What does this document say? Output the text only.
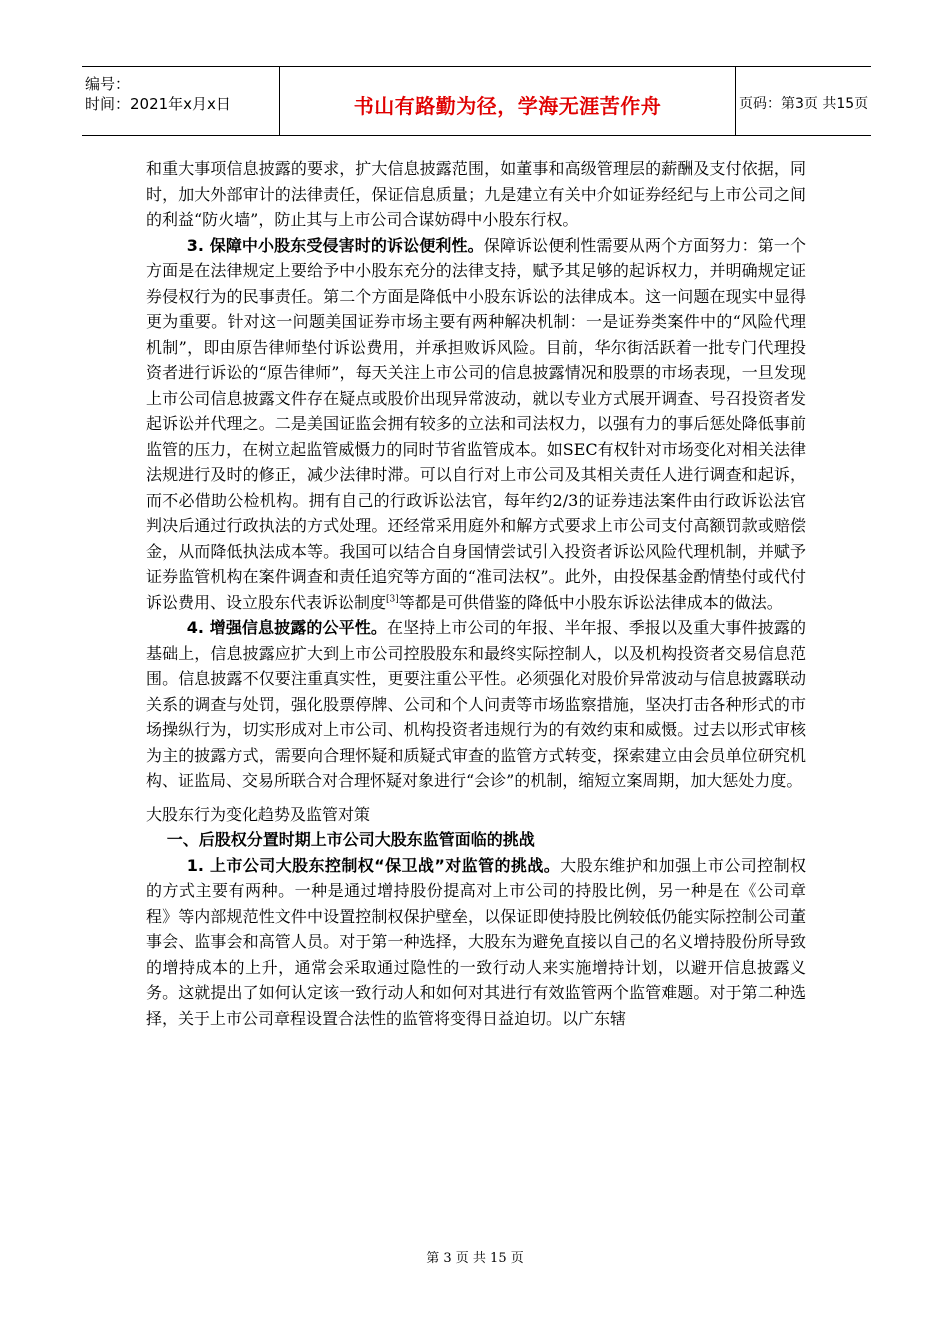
编号：
时间：2021年x月x日	书山有路勤为径，学海无涯苦作舟	页码：第3页 共15页

和重大事项信息披露的要求，扩大信息披露范围，如董事和高级管理层的薪酬及支付依据，同时，加大外部审计的法律责任，保证信息质量；九是建立有关中介如证券经纪与上市公司之间的利益“防火墙”，防止其与上市公司合谋妨碍中小股东行权。

3. 保障中小股东受侵害时的诉讼便利性。保障诉讼便利性需要从两个方面努力：第一个方面是在法律规定上要给予中小股东充分的法律支持，赋予其足够的起诉权力，并明确规定证券侵权行为的民事责任。第二个方面是降低中小股东诉讼的法律成本。这一问题在现实中显得更为重要。针对这一问题美国证券市场主要有两种解决机制：一是证券类案件中的“风险代理机制”，即由原告律师垫付诉讼费用，并承担败诉风险。目前，华尔街活跃着一批专门代理投资者进行诉讼的“原告律师”，每天关注上市公司的信息披露情况和股票的市场表现，一旦发现上市公司信息披露文件存在疑点或股价出现异常波动，就以专业方式展开调查、号召投资者发起诉讼并代理之。二是美国证监会拥有较多的立法和司法权力，以强有力的事后惩处降低事前监管的压力，在树立起监管威慑力的同时节省监管成本。如SEC有权针对市场变化对相关法律法规进行及时的修正，减少法律时滞。可以自行对上市公司及其相关责任人进行调查和起诉，而不必借助公检机构。拥有自己的行政诉讼法官，每年约2/3的证券违法案件由行政诉讼法官判决后通过行政执法的方式处理。还经常采用庭外和解方式要求上市公司支付高额罚款或赔偿金，从而降低执法成本等。我国可以结合自身国情尝试引入投资者诉讼风险代理机制，并赋予证券监管机构在案件调查和责任追究等方面的“准司法权”。此外，由投保基金酌情垫付或代付诉讼费用、设立股东代表诉讼制度[3]等都是可供借鉴的降低中小股东诉讼法律成本的做法。

4. 增强信息披露的公平性。在坚持上市公司的年报、半年报、季报以及重大事件披露的基础上，信息披露应扩大到上市公司控股股东和最终实际控制人，以及机构投资者交易信息范围。信息披露不仅要注重真实性，更要注重公平性。必须强化对股价异常波动与信息披露联动关系的调查与处罚，强化股票停牌、公司和个人问责等市场监察措施，坚决打击各种形式的市场操纵行为，切实形成对上市公司、机构投资者违规行为的有效约束和威慑。过去以形式审核为主的披露方式，需要向合理怀疑和质疑式审查的监管方式转变，探索建立由会员单位研究机构、证监局、交易所联合对合理怀疑对象进行“会诊”的机制，缩短立案周期，加大惩处力度。

大股东行为变化趋势及监管对策

一、后股权分置时期上市公司大股东监管面临的挑战

1. 上市公司大股东控制权“保卫战”对监管的挑战。大股东维护和加强上市公司控制权的方式主要有两种。一种是通过增持股份提高对上市公司的持股比例，另一种是在《公司章程》等内部规范性文件中设置控制权保护壁垒，以保证即使持股比例较低仍能实际控制公司董事会、监事会和高管人员。对于第一种选择，大股东为避免直接以自己的名义增持股份所导致的增持成本的上升，通常会采取通过隐性的一致行动人来实施增持计划，以避开信息披露义务。这就提出了如何认定该一致行动人和如何对其进行有效监管两个监管难题。对于第二种选择，关于上市公司章程设置合法性的监管将变得日益迫切。以广东辖

第 3 页 共 15 页
